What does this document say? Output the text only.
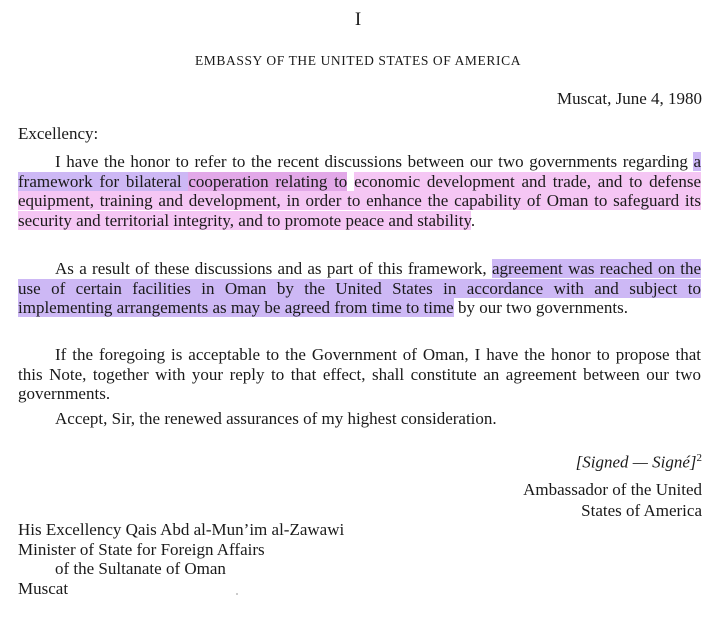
I
EMBASSY OF THE UNITED STATES OF AMERICA
Muscat, June 4, 1980
Excellency:

I have the honor to refer to the recent discussions between our two governments regarding a framework for bilateral cooperation relating to economic development and trade, and to defense equipment, training and development, in order to enhance the capability of Oman to safeguard its security and territorial integrity, and to promote peace and stability.

As a result of these discussions and as part of this framework, agreement was reached on the use of certain facilities in Oman by the United States in accordance with and subject to implementing arrangements as may be agreed from time to time by our two governments.

If the foregoing is acceptable to the Government of Oman, I have the honor to propose that this Note, together with your reply to that effect, shall constitute an agreement between our two governments.

Accept, Sir, the renewed assurances of my highest consideration.

[Signed — Signé]$^2$
Ambassador of the United
States of America
His Excellency Qais Abd al-Mun’im al-Zawawi
Minister of State for Foreign Affairs
of the Sultanate of Oman
Muscat
